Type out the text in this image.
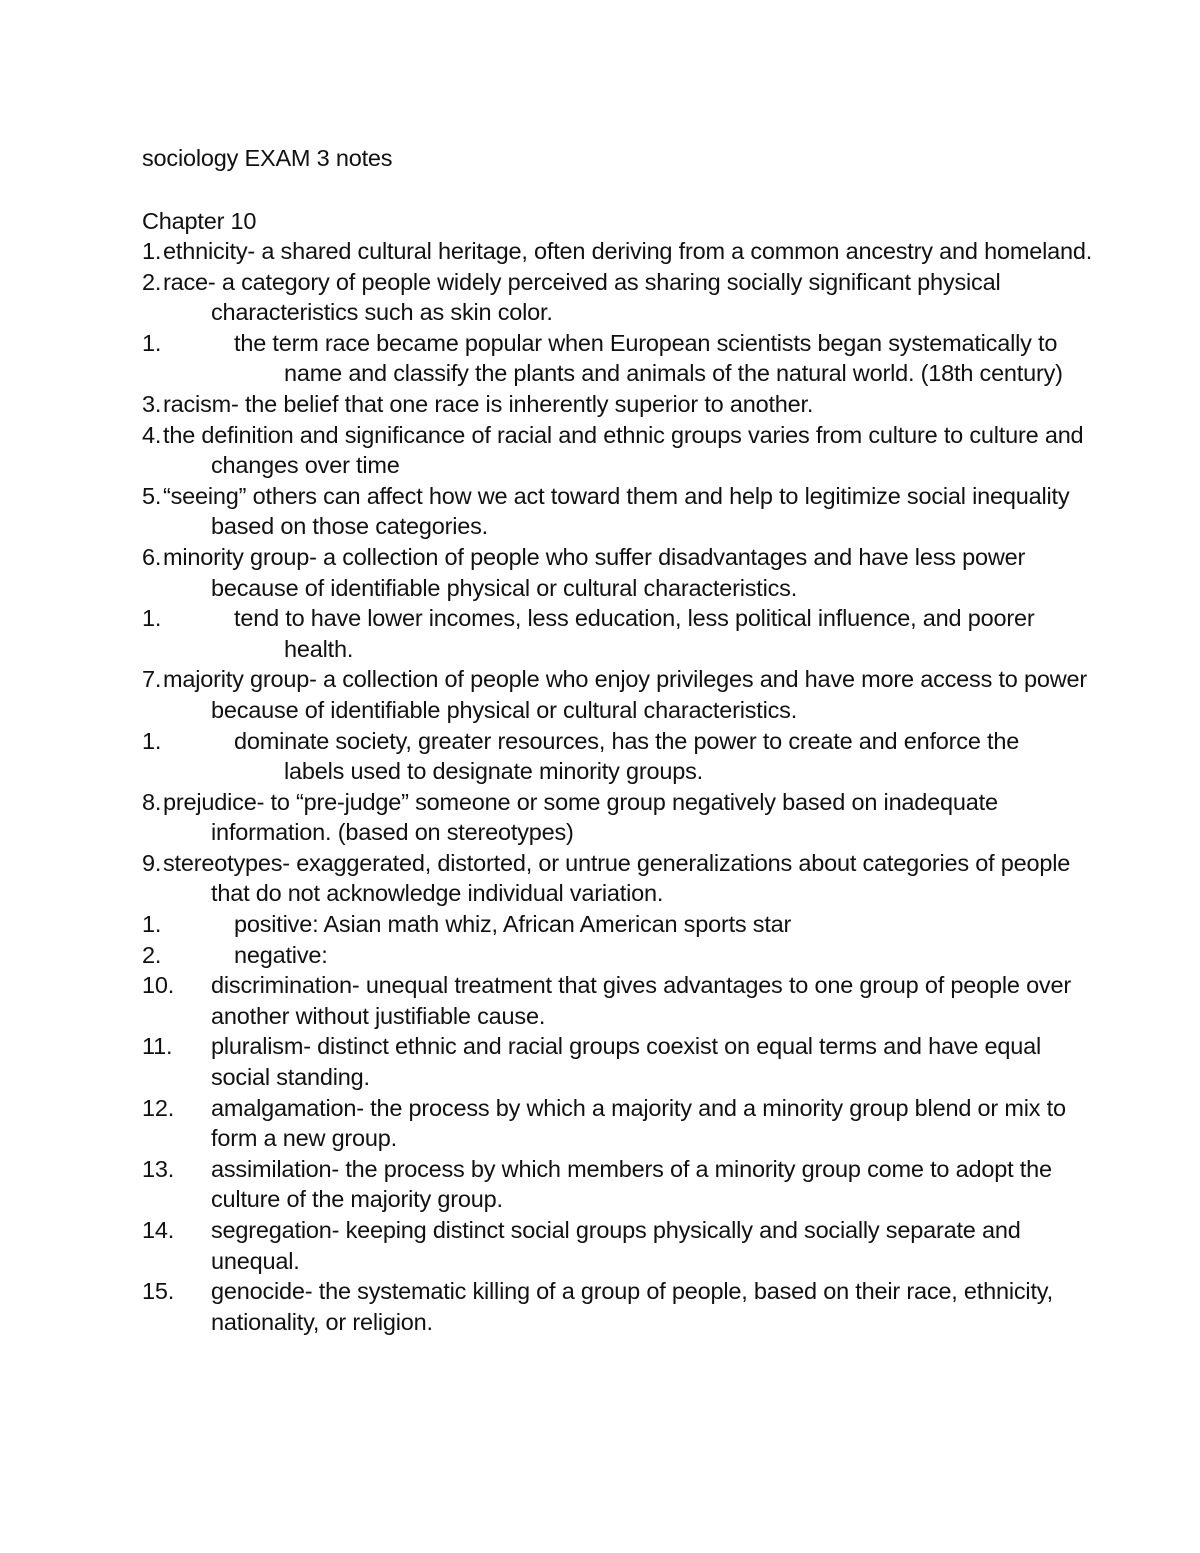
sociology EXAM 3 notes
Chapter 10
1. ethnicity- a shared cultural heritage, often deriving from a common ancestry and homeland.
2. race- a category of people widely perceived as sharing socially significant physical characteristics such as skin color.
1.	the term race became popular when European scientists began systematically to name and classify the plants and animals of the natural world. (18th century)
3. racism- the belief that one race is inherently superior to another.
4. the definition and significance of racial and ethnic groups varies from culture to culture and changes over time
5. “seeing” others can affect how we act toward them and help to legitimize social inequality based on those categories.
6. minority group- a collection of people who suffer disadvantages and have less power because of identifiable physical or cultural characteristics.
1.	tend to have lower incomes, less education, less political influence, and poorer health.
7. majority group- a collection of people who enjoy privileges and have more access to power because of identifiable physical or cultural characteristics.
1.	dominate society, greater resources, has the power to create and enforce the labels used to designate minority groups.
8. prejudice- to “pre-judge” someone or some group negatively based on inadequate information. (based on stereotypes)
9. stereotypes- exaggerated, distorted, or untrue generalizations about categories of people that do not acknowledge individual variation.
1.	positive: Asian math whiz, African American sports star
2.	negative:
10. discrimination- unequal treatment that gives advantages to one group of people over another without justifiable cause.
11. pluralism- distinct ethnic and racial groups coexist on equal terms and have equal social standing.
12. amalgamation- the process by which a majority and a minority group blend or mix to form a new group.
13. assimilation- the process by which members of a minority group come to adopt the culture of the majority group.
14. segregation- keeping distinct social groups physically and socially separate and unequal.
15. genocide- the systematic killing of a group of people, based on their race, ethnicity, nationality, or religion.
